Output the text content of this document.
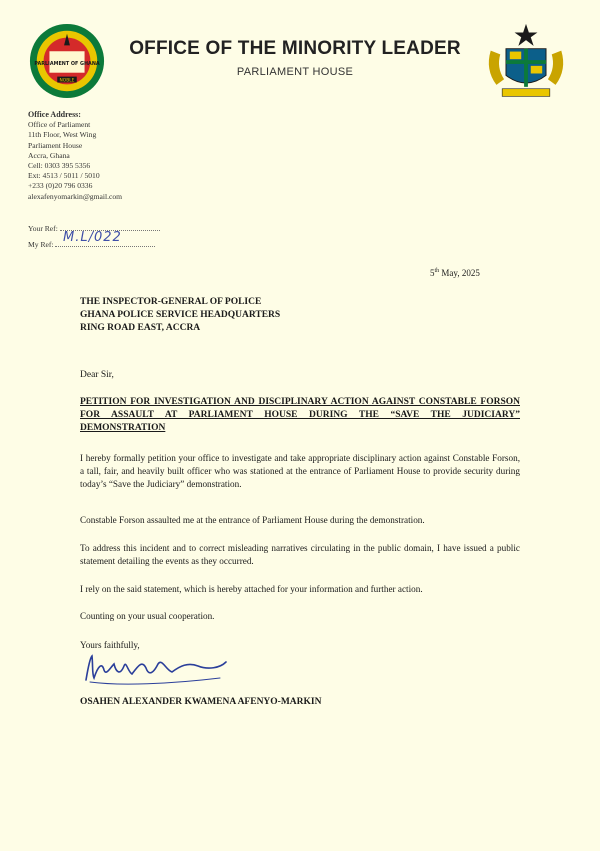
PARLIAMENT OF GHANA
NOBLE
OFFICE OF THE MINORITY LEADER
PARLIAMENT HOUSE
Office Address:
Office of Parliament
11th Floor, West Wing
Parliament House
Accra, Ghana
Cell: 0303 395 5356
Ext: 4513 / 5011 / 5010
+233 (0)20 796 0336
alexafenyomarkin@gmail.com
Your Ref:
My Ref: M.L/022
5th May, 2025
THE INSPECTOR-GENERAL OF POLICE
GHANA POLICE SERVICE HEADQUARTERS
RING ROAD EAST, ACCRA
Dear Sir,
PETITION FOR INVESTIGATION AND DISCIPLINARY ACTION AGAINST CONSTABLE FORSON FOR ASSAULT AT PARLIAMENT HOUSE DURING THE “SAVE THE JUDICIARY” DEMONSTRATION
I hereby formally petition your office to investigate and take appropriate disciplinary action against Constable Forson, a tall, fair, and heavily built officer who was stationed at the entrance of Parliament House to provide security during today’s “Save the Judiciary” demonstration.
Constable Forson assaulted me at the entrance of Parliament House during the demonstration.
To address this incident and to correct misleading narratives circulating in the public domain, I have issued a public statement detailing the events as they occurred.
I rely on the said statement, which is hereby attached for your information and further action.
Counting on your usual cooperation.
Yours faithfully,
OSAHEN ALEXANDER KWAMENA AFENYO-MARKIN
